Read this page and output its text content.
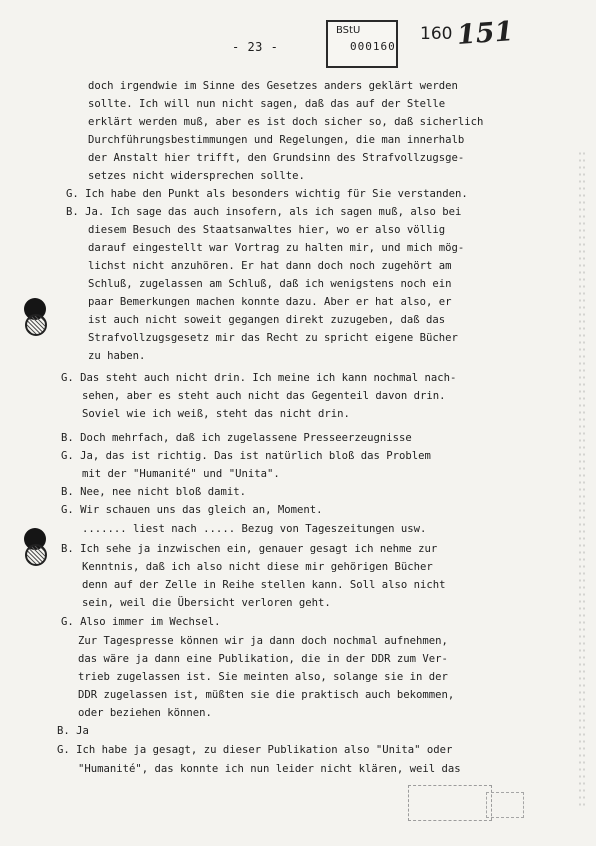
- 23 -
BStU
000160
160 151
doch irgendwie im Sinne des Gesetzes anders geklärt werden
sollte. Ich will nun nicht sagen, daß das auf der Stelle
erklärt werden muß, aber es ist doch sicher so, daß sicherlich
Durchführungsbestimmungen und Regelungen, die man innerhalb
der Anstalt hier trifft, den Grundsinn des Strafvollzugsge-
setzes nicht widersprechen sollte.
G. Ich habe den Punkt als besonders wichtig für Sie verstanden.
B. Ja. Ich sage das auch insofern, als ich sagen muß, also bei
diesem Besuch des Staatsanwaltes hier, wo er also völlig
darauf eingestellt war Vortrag zu halten mir, und mich mög-
lichst nicht anzuhören. Er hat dann doch noch zugehört am
Schluß, zugelassen am Schluß, daß ich wenigstens noch ein
paar Bemerkungen machen konnte dazu. Aber er hat also, er
ist auch nicht soweit gegangen direkt zuzugeben, daß das
Strafvollzugsgesetz mir das Recht zu spricht eigene Bücher
zu haben.
G. Das steht auch nicht drin. Ich meine ich kann nochmal nach-
sehen, aber es steht auch nicht das Gegenteil davon drin.
Soviel wie ich weiß, steht das nicht drin.
B. Doch mehrfach, daß ich zugelassene Presseerzeugnisse
G. Ja, das ist richtig. Das ist natürlich bloß das Problem
mit der "Humanité" und "Unita".
B. Nee, nee nicht bloß damit.
G. Wir schauen uns das gleich an, Moment.
....... liest nach ..... Bezug von Tageszeitungen usw.
B. Ich sehe ja inzwischen ein, genauer gesagt ich nehme zur
Kenntnis, daß ich also nicht diese mir gehörigen Bücher
denn auf der Zelle in Reihe stellen kann. Soll also nicht
sein, weil die Übersicht verloren geht.
G. Also immer im Wechsel.
Zur Tagespresse können wir ja dann doch nochmal aufnehmen,
das wäre ja dann eine Publikation, die in der DDR zum Ver-
trieb zugelassen ist. Sie meinten also, solange sie in der
DDR zugelassen ist, müßten sie die praktisch auch bekommen,
oder beziehen können.
B. Ja
G. Ich habe ja gesagt, zu dieser Publikation also "Unita" oder
"Humanité", das konnte ich nun leider nicht klären, weil das
